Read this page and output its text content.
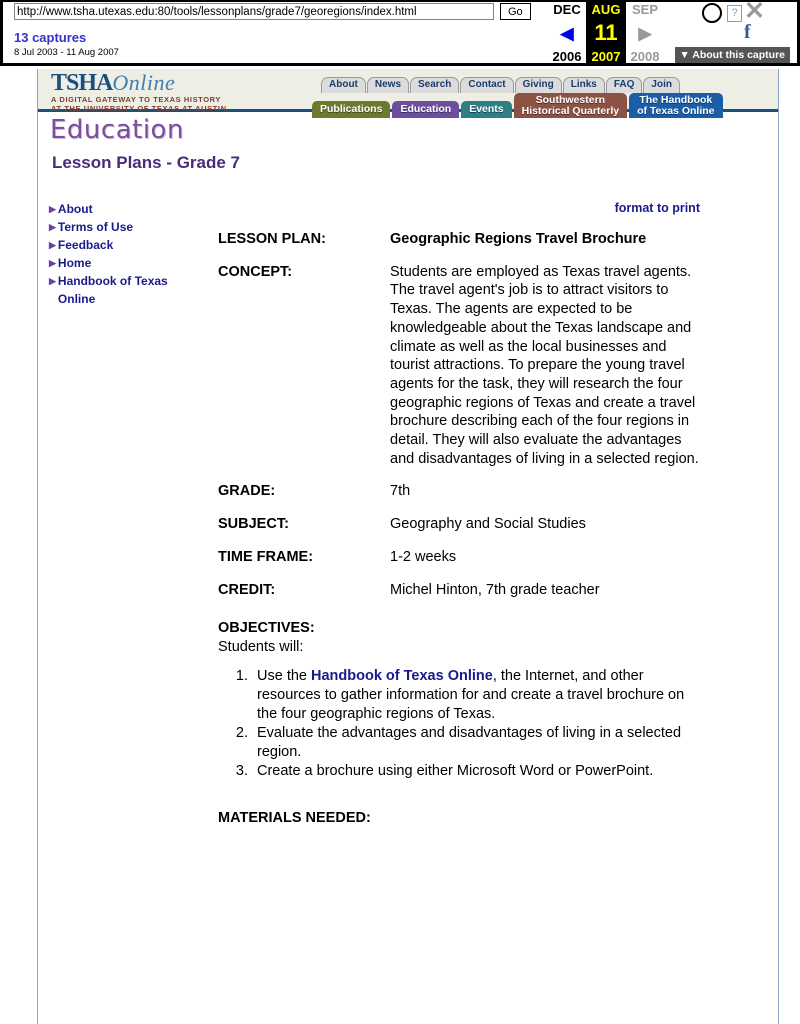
http://www.tsha.utexas.edu:80/tools/lessonplans/grade7/georegions/index.html
Go
13 captures
8 Jul 2003 - 11 Aug 2007
DEC
◀
2006
AUG
11
2007
SEP
▶
2008
? ✕
f
▼ About this capture
TSHAOnline
A DIGITAL GATEWAY TO TEXAS HISTORY
AT THE UNIVERSITY OF TEXAS AT AUSTIN
About	News	Search	Contact	Giving	Links	FAQ	Join
Publications	Education	Events
Southwestern
Historical Quarterly
The Handbook
of Texas Online
Education
Lesson Plans - Grade 7
▶ About
▶ Terms of Use
▶ Feedback
▶ Home
▶ Handbook of Texas Online
format to print
LESSON PLAN:	Geographic Regions Travel Brochure
CONCEPT:	Students are employed as Texas travel agents. The travel agent's job is to attract visitors to Texas. The agents are expected to be knowledgeable about the Texas landscape and climate as well as the local businesses and tourist attractions. To prepare the young travel agents for the task, they will research the four geographic regions of Texas and create a travel brochure describing each of the four regions in detail. They will also evaluate the advantages and disadvantages of living in a selected region.
GRADE:	7th
SUBJECT:	Geography and Social Studies
TIME FRAME:	1-2 weeks
CREDIT:	Michel Hinton, 7th grade teacher
OBJECTIVES:
Students will:
1. Use the Handbook of Texas Online, the Internet, and other resources to gather information for and create a travel brochure on the four geographic regions of Texas.
2. Evaluate the advantages and disadvantages of living in a selected region.
3. Create a brochure using either Microsoft Word or PowerPoint.
MATERIALS NEEDED:
